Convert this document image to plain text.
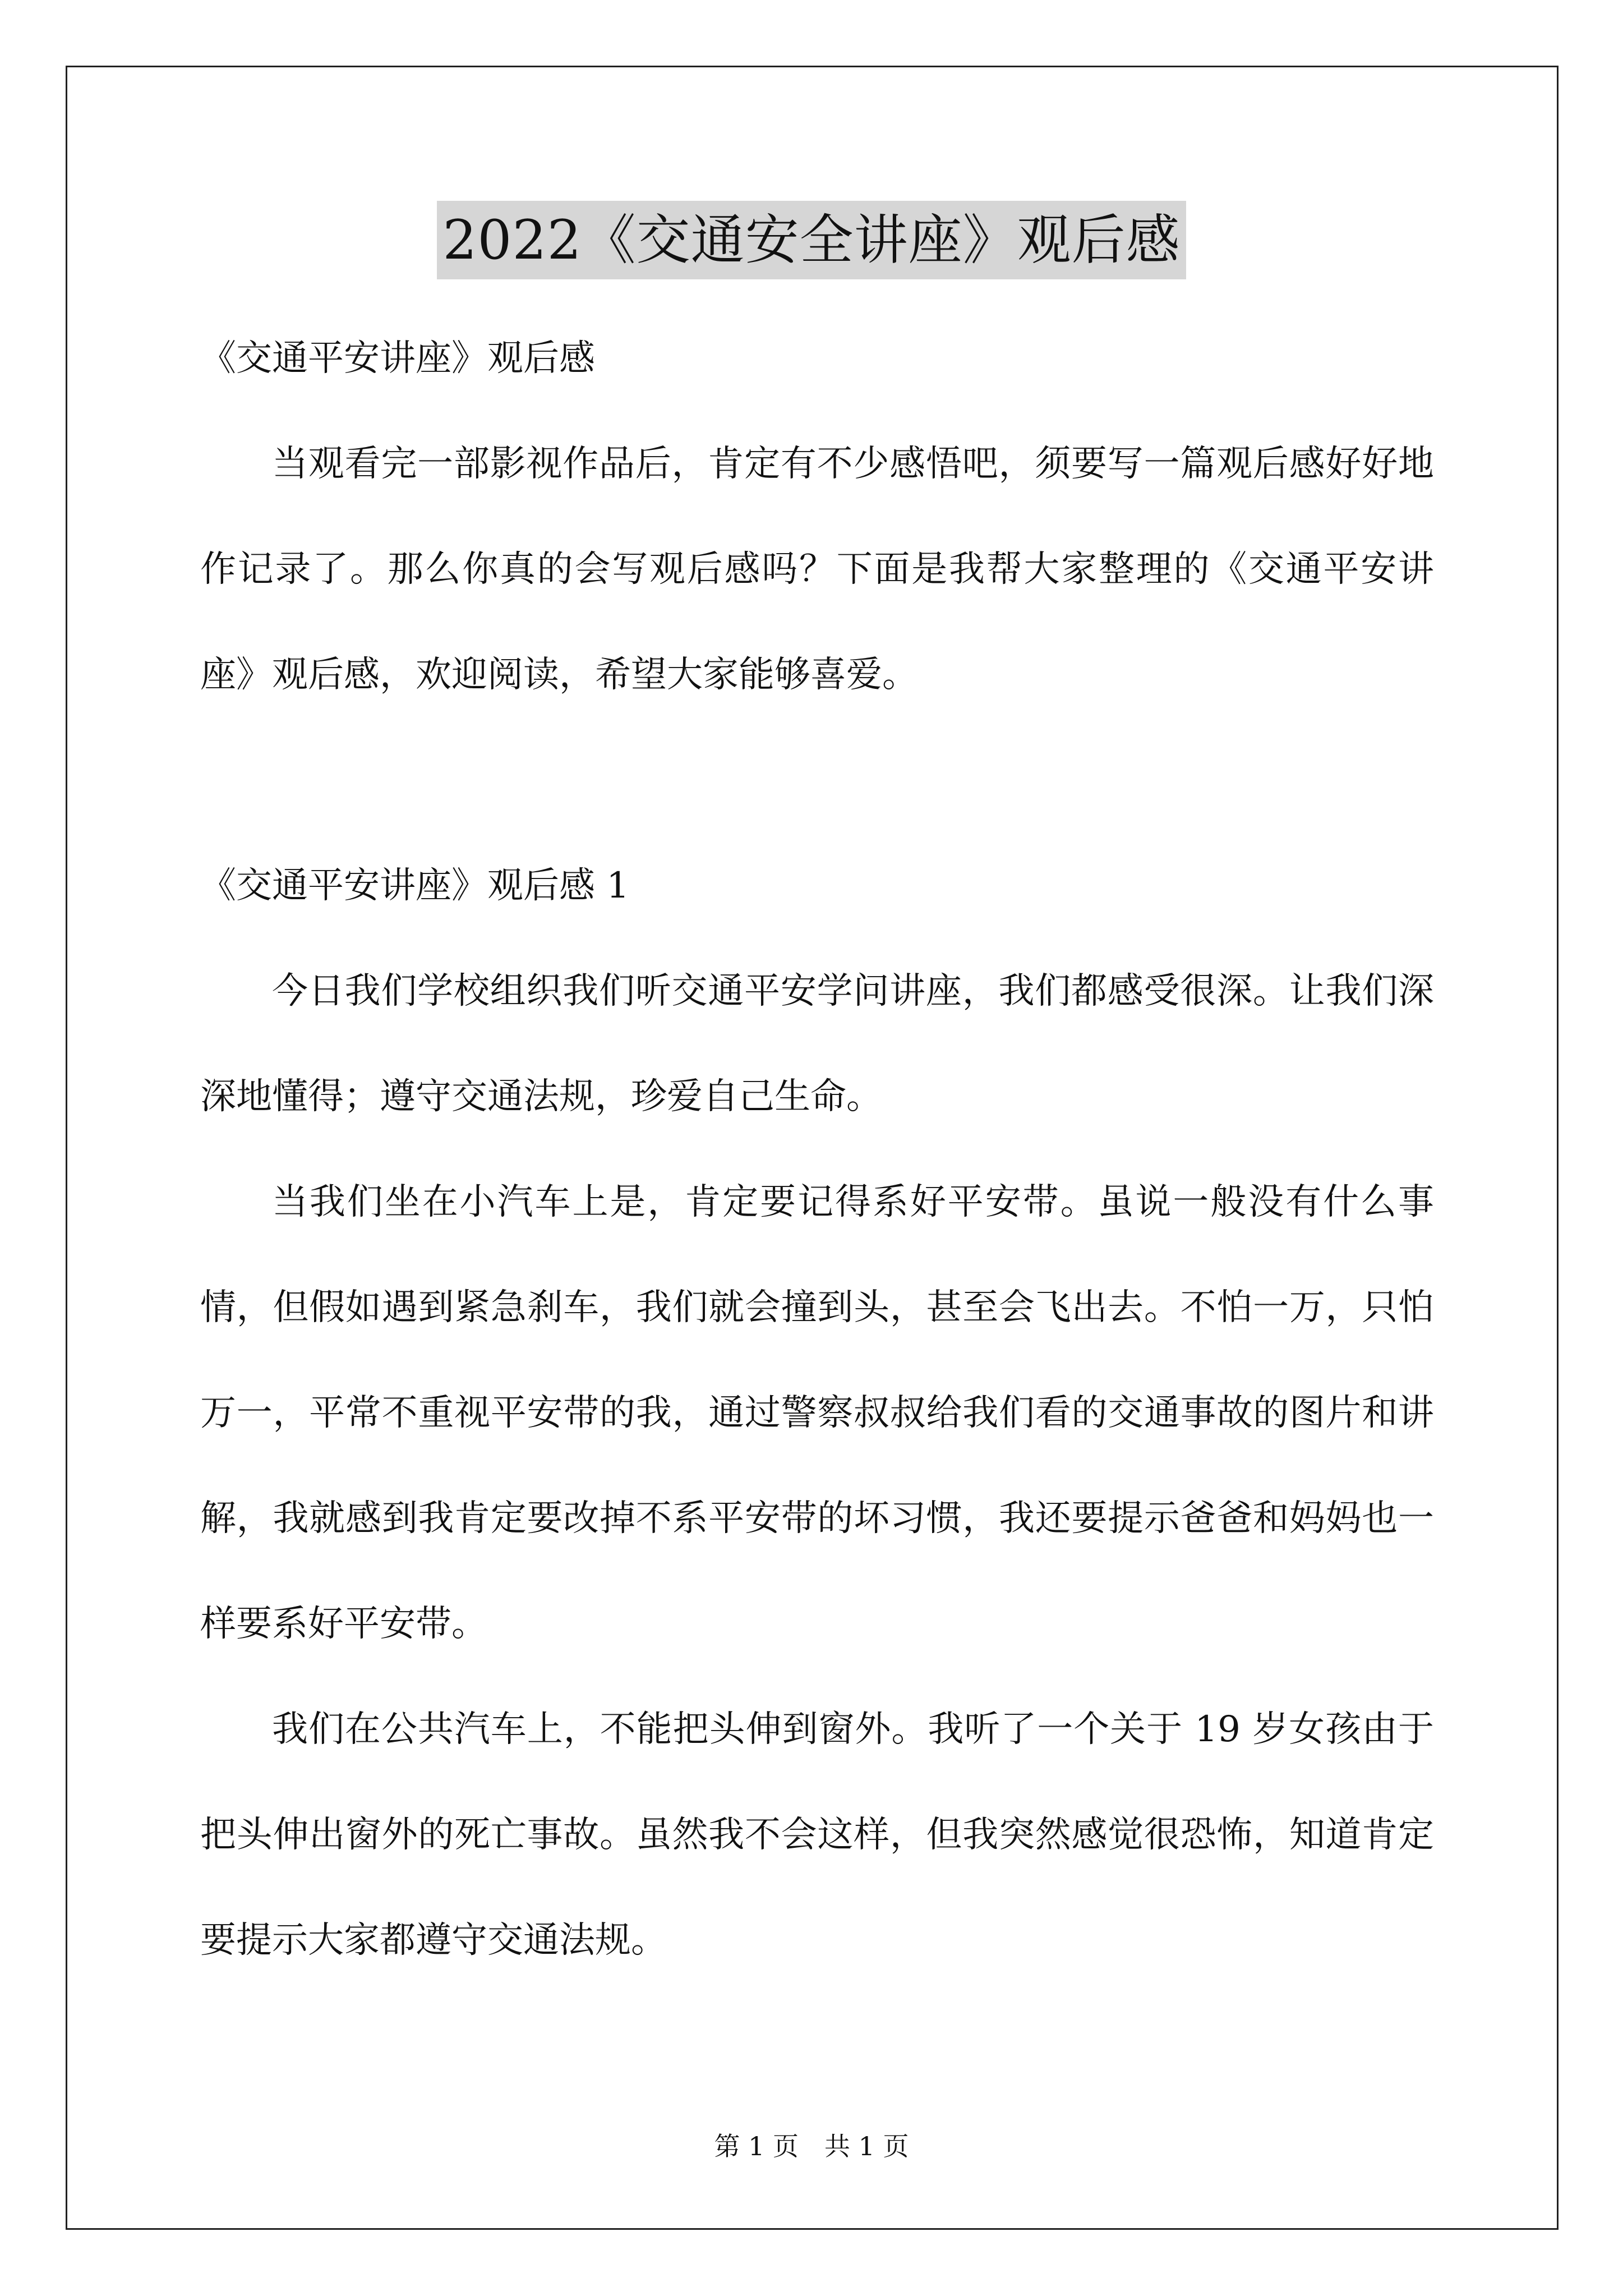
2022《交通安全讲座》观后感

《交通平安讲座》观后感

当观看完一部影视作品后，肯定有不少感悟吧，须要写一篇观后感好好地作记录了。那么你真的会写观后感吗？下面是我帮大家整理的《交通平安讲座》观后感，欢迎阅读，希望大家能够喜爱。

《交通平安讲座》观后感 1

今日我们学校组织我们听交通平安学问讲座，我们都感受很深。让我们深深地懂得；遵守交通法规，珍爱自己生命。

当我们坐在小汽车上是，肯定要记得系好平安带。虽说一般没有什么事情，但假如遇到紧急刹车，我们就会撞到头，甚至会飞出去。不怕一万，只怕万一，平常不重视平安带的我，通过警察叔叔给我们看的交通事故的图片和讲解，我就感到我肯定要改掉不系平安带的坏习惯，我还要提示爸爸和妈妈也一样要系好平安带。

我们在公共汽车上，不能把头伸到窗外。我听了一个关于 19 岁女孩由于把头伸出窗外的死亡事故。虽然我不会这样，但我突然感觉很恐怖，知道肯定要提示大家都遵守交通法规。

第 1 页　共 1 页
